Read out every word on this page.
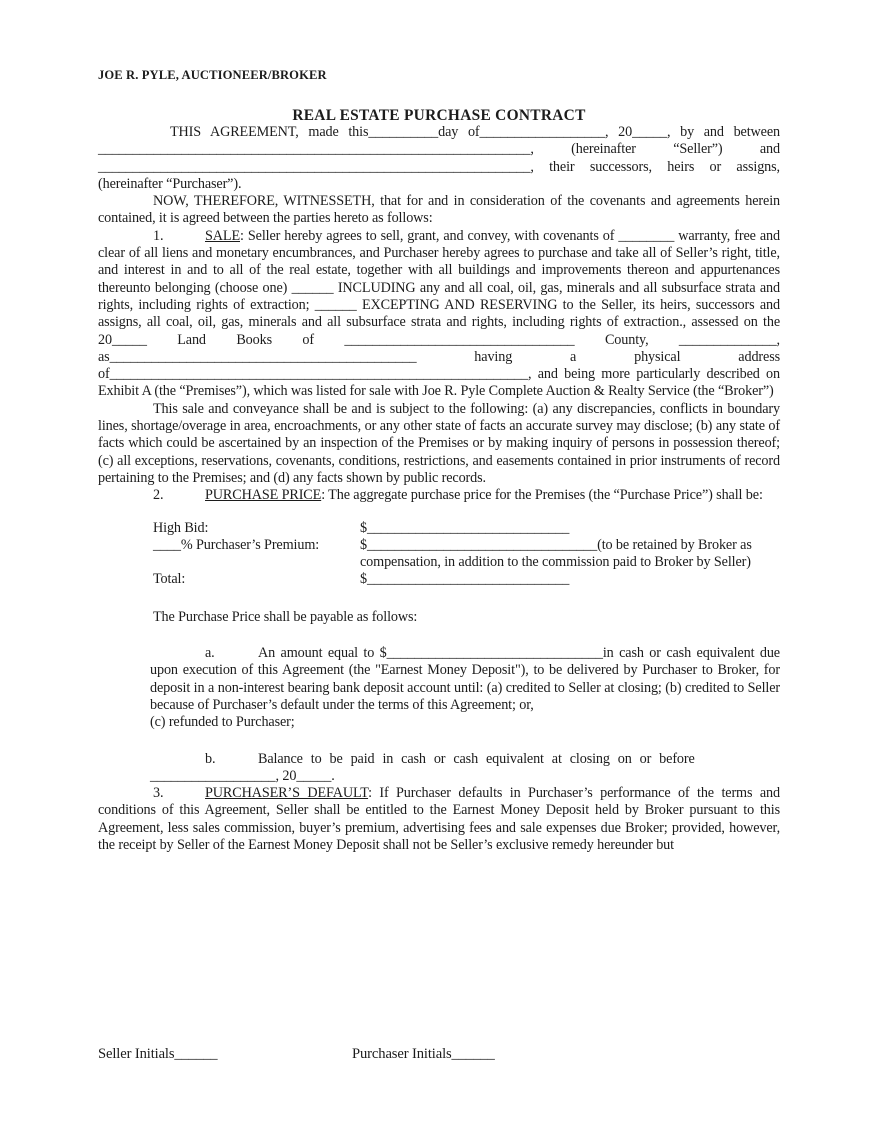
JOE R. PYLE, AUCTIONEER/BROKER
REAL ESTATE PURCHASE CONTRACT

THIS AGREEMENT, made this__________day of__________________, 20_____, by and between ______________________________________________________________, (hereinafter “Seller”) and ______________________________________________________________, their successors, heirs or assigns, (hereinafter “Purchaser”).

NOW, THEREFORE, WITNESSETH, that for and in consideration of the covenants and agreements herein contained, it is agreed between the parties hereto as follows:

1.	SALE: Seller hereby agrees to sell, grant, and convey, with covenants of ________ warranty, free and clear of all liens and monetary encumbrances, and Purchaser hereby agrees to purchase and take all of Seller’s right, title, and interest in and to all of the real estate, together with all buildings and improvements thereon and appurtenances thereunto belonging (choose one) ______ INCLUDING any and all coal, oil, gas, minerals and all subsurface strata and rights, including rights of extraction; ______ EXCEPTING AND RESERVING to the Seller, its heirs, successors and assigns, all coal, oil, gas, minerals and all subsurface strata and rights, including rights of extraction., assessed on the 20_____ Land Books of _________________________________ County, ______________, as____________________________________________ having a physical address of____________________________________________________________, and being more particularly described on Exhibit A (the “Premises”), which was listed for sale with Joe R. Pyle Complete Auction & Realty Service (the “Broker”)

This sale and conveyance shall be and is subject to the following: (a) any discrepancies, conflicts in boundary lines, shortage/overage in area, encroachments, or any other state of facts an accurate survey may disclose; (b) any state of facts which could be ascertained by an inspection of the Premises or by making inquiry of persons in possession thereof; (c) all exceptions, reservations, covenants, conditions, restrictions, and easements contained in prior instruments of record pertaining to the Premises; and (d) any facts shown by public records.

2.	PURCHASE PRICE: The aggregate purchase price for the Premises (the “Purchase Price”) shall be:

High Bid:	$_____________________________
____% Purchaser’s Premium:	$_________________________________(to be retained by Broker as
compensation, in addition to the commission paid to Broker by Seller)
Total:	$_____________________________

The Purchase Price shall be payable as follows:

a.	An amount equal to $_______________________________in cash or cash equivalent due upon execution of this Agreement (the "Earnest Money Deposit"), to be delivered by Purchaser to Broker, for deposit in a non-interest bearing bank deposit account until: (a) credited to Seller at closing; (b) credited to Seller because of Purchaser’s default under the terms of this Agreement; or,

(c) refunded to Purchaser;

b.	Balance to be paid in cash or cash equivalent at closing on or before

__________________, 20_____.

3.	PURCHASER’S DEFAULT: If Purchaser defaults in Purchaser’s performance of the terms and conditions of this Agreement, Seller shall be entitled to the Earnest Money Deposit held by Broker pursuant to this Agreement, less sales commission, buyer’s premium, advertising fees and sale expenses due Broker; provided, however, the receipt by Seller of the Earnest Money Deposit shall not be Seller’s exclusive remedy hereunder but

Seller Initials______	Purchaser Initials______
